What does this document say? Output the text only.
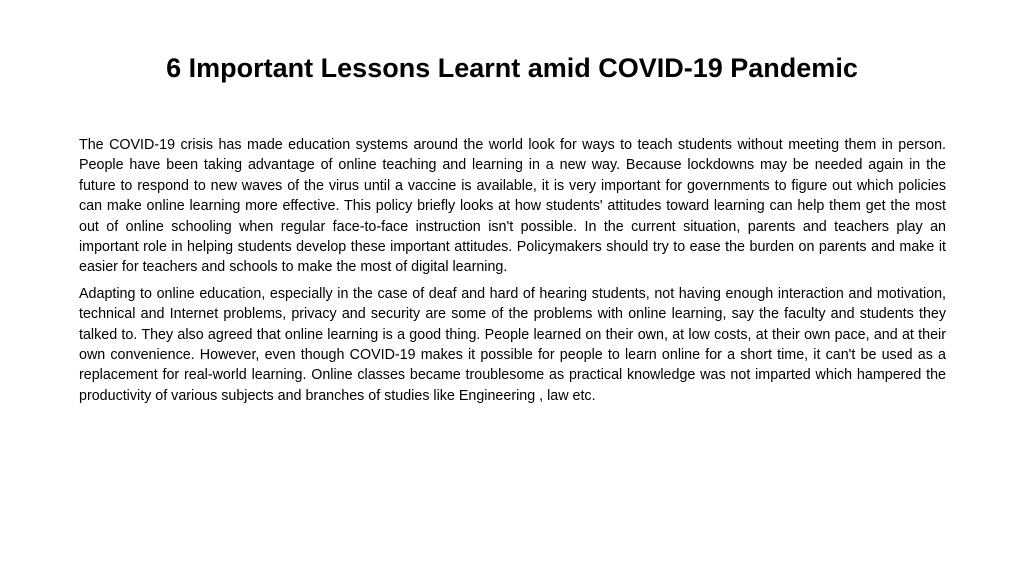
6 Important Lessons Learnt amid COVID-19 Pandemic

The COVID-19 crisis has made education systems around the world look for ways to teach students without meeting them in person. People have been taking advantage of online teaching and learning in a new way. Because lockdowns may be needed again in the future to respond to new waves of the virus until a vaccine is available, it is very important for governments to figure out which policies can make online learning more effective. This policy briefly looks at how students' attitudes toward learning can help them get the most out of online schooling when regular face-to-face instruction isn't possible. In the current situation, parents and teachers play an important role in helping students develop these important attitudes. Policymakers should try to ease the burden on parents and make it easier for teachers and schools to make the most of digital learning.

Adapting to online education, especially in the case of deaf and hard of hearing students, not having enough interaction and motivation, technical and Internet problems, privacy and security are some of the problems with online learning, say the faculty and students they talked to. They also agreed that online learning is a good thing. People learned on their own, at low costs, at their own pace, and at their own convenience. However, even though COVID-19 makes it possible for people to learn online for a short time, it can't be used as a replacement for real-world learning. Online classes became troublesome as practical knowledge was not imparted which hampered the productivity of various subjects and branches of studies like Engineering , law etc.
